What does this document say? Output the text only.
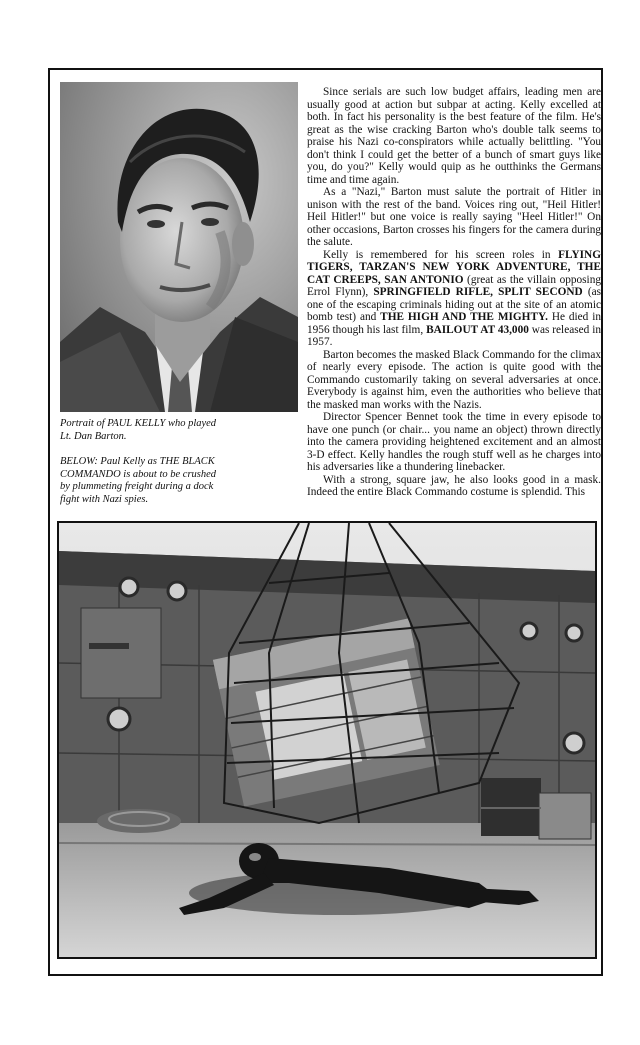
Portrait of PAUL KELLY who played
Lt. Dan Barton.

BELOW: Paul Kelly as THE BLACK
COMMANDO is about to be crushed
by plummeting freight during a dock
fight with Nazi spies.

Since serials are such low budget affairs, leading men are usually good at action but subpar at acting. Kelly excelled at both. In fact his personality is the best feature of the film. He's great as the wise cracking Barton who's double talk seems to praise his Nazi co-conspirators while actually belittling. "You don't think I could get the better of a bunch of smart guys like you, do you?" Kelly would quip as he outthinks the Germans time and time again.

As a "Nazi," Barton must salute the portrait of Hitler in unison with the rest of the band. Voices ring out, "Heil Hitler! Heil Hitler!" but one voice is really saying "Heel Hitler!" On other occasions, Barton crosses his fingers for the camera during the salute.

Kelly is remembered for his screen roles in FLYING TIGERS, TARZAN'S NEW YORK ADVENTURE, THE CAT CREEPS, SAN ANTONIO (great as the villain opposing Errol Flynn), SPRINGFIELD RIFLE, SPLIT SECOND (as one of the escaping criminals hiding out at the site of an atomic bomb test) and THE HIGH AND THE MIGHTY. He died in 1956 though his last film, BAILOUT AT 43,000 was released in 1957.

Barton becomes the masked Black Commando for the climax of nearly every episode. The action is quite good with the Commando customarily taking on several adversaries at once. Everybody is against him, even the authorities who believe that the masked man works with the Nazis.

Director Spencer Bennet took the time in every episode to have one punch (or chair... you name an object) thrown directly into the camera providing heightened excitement and an almost 3-D effect. Kelly handles the rough stuff well as he charges into his adversaries like a thundering linebacker.

With a strong, square jaw, he also looks good in a mask. Indeed the entire Black Commando costume is splendid. This
